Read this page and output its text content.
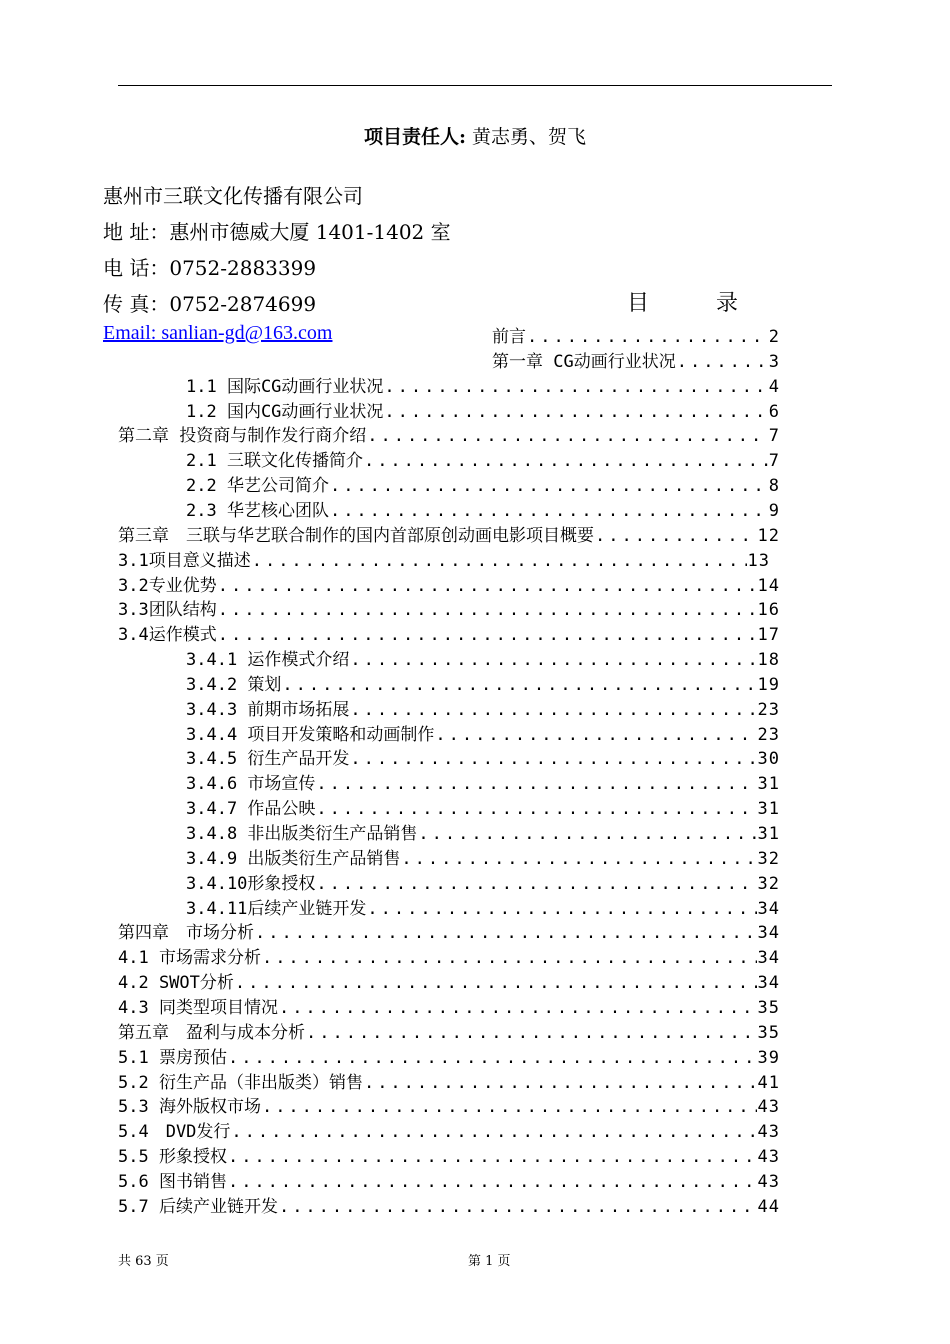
项目责任人: 黄志勇、贺飞
惠州市三联文化传播有限公司
地 址：惠州市德威大厦 1401-1402 室
电 话：0752-2883399
传 真：0752-2874699
Email: sanlian-gd@163.com
目 录
前言 .....	2
第一章 CG动画行业状况 .....	3
1.1 国际CG动画行业状况 .....	4
1.2 国内CG动画行业状况 .....	6
第二章 投资商与制作发行商介绍 .....	7
2.1 三联文化传播简介 .....	7
2.2 华艺公司简介 .....	8
2.3 华艺核心团队 .....	9
第三章　三联与华艺联合制作的国内首部原创动画电影项目概要 .....	12
3.1项目意义描述 .....	13
3.2专业优势 .....	14
3.3团队结构 .....	16
3.4运作模式 .....	17
3.4.1 运作模式介绍 .....	18
3.4.2 策划 .....	19
3.4.3 前期市场拓展 .....	23
3.4.4 项目开发策略和动画制作 .....	23
3.4.5 衍生产品开发 .....	30
3.4.6 市场宣传 .....	31
3.4.7 作品公映 .....	31
3.4.8 非出版类衍生产品销售 .....	31
3.4.9 出版类衍生产品销售 .....	32
3.4.10形象授权 .....	32
3.4.11后续产业链开发 .....	34
第四章　市场分析 .....	34
4.1 市场需求分析 .....	34
4.2 SWOT分析 .....	34
4.3 同类型项目情况 .....	35
第五章　盈利与成本分析 .....	35
5.1 票房预估 .....	39
5.2 衍生产品（非出版类）销售 .....	41
5.3 海外版权市场 .....	43
5.4　DVD发行 .....	43
5.5 形象授权 .....	43
5.6 图书销售 .....	43
5.7 后续产业链开发 .....	44
共 63 页	第 1 页
